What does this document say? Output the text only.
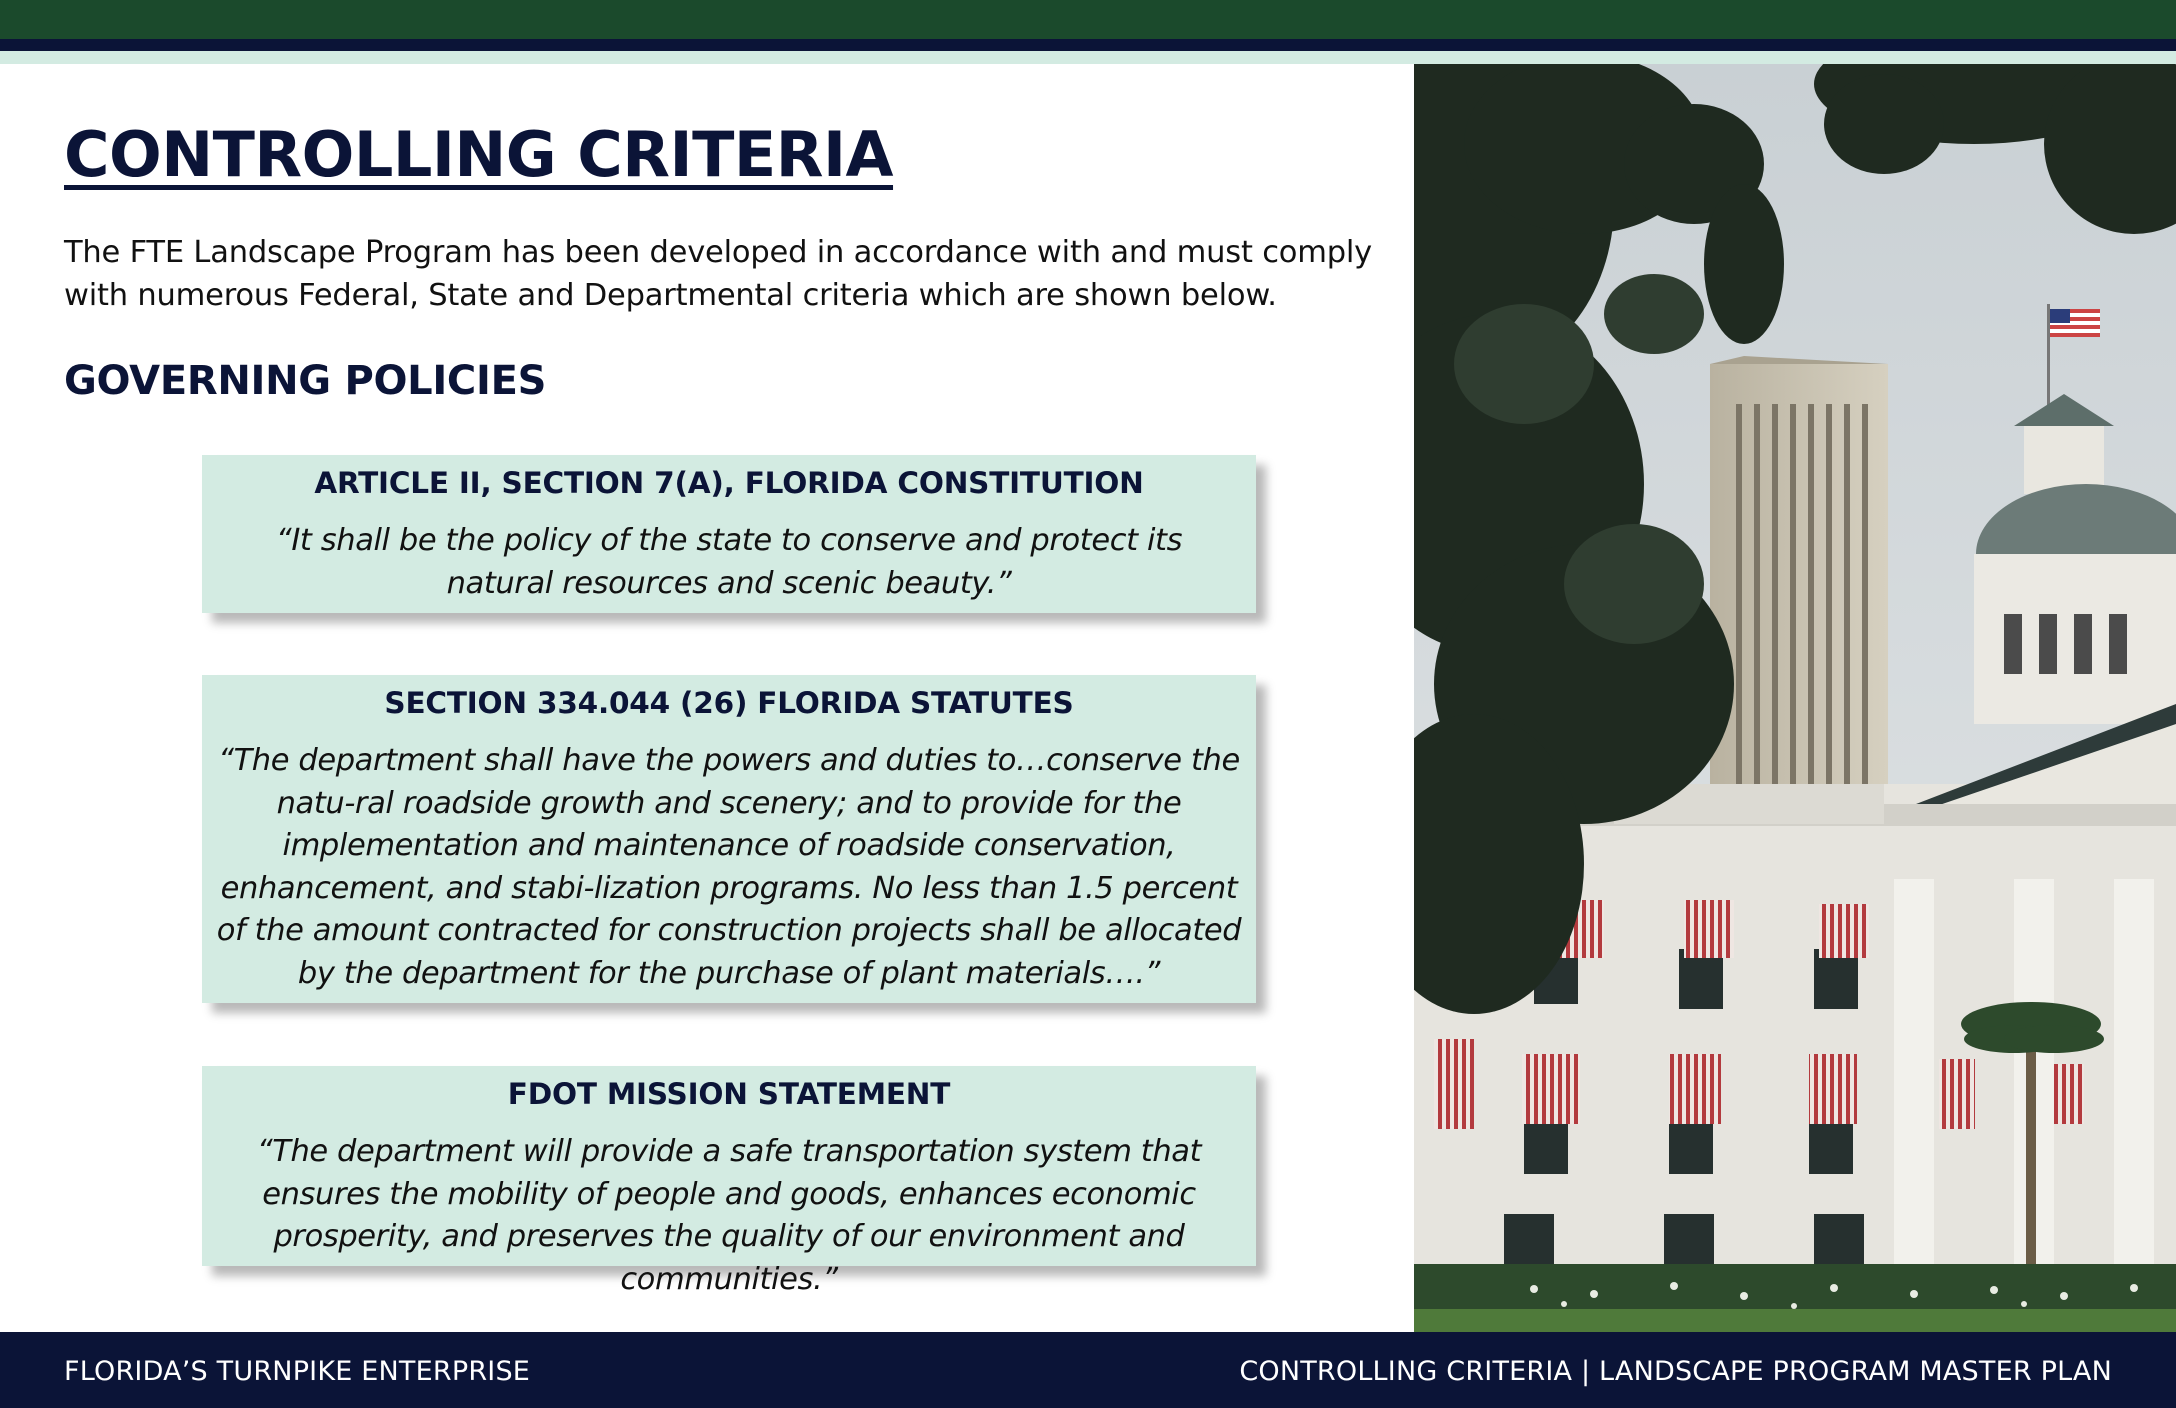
CONTROLLING CRITERIA

The FTE Landscape Program has been developed in accordance with and must comply with numerous Federal, State and Departmental criteria which are shown below.

GOVERNING POLICIES

ARTICLE II, SECTION 7(A), FLORIDA CONSTITUTION

“It shall be the policy of the state to conserve and protect its natural resources and scenic beauty.”

SECTION 334.044 (26) FLORIDA STATUTES

“The department shall have the powers and duties to…conserve the natu-ral roadside growth and scenery; and to provide for the implementation and maintenance of roadside conservation, enhancement, and stabi-lization programs. No less than 1.5 percent of the amount contracted for construction projects shall be allocated by the department for the purchase of plant materials….”

FDOT MISSION STATEMENT

“The department will provide a safe transportation system that ensures the mobility of people and goods, enhances economic prosperity, and preserves the quality of our environment and communities.”

FLORIDA’S TURNPIKE ENTERPRISE	CONTROLLING CRITERIA | LANDSCAPE PROGRAM MASTER PLAN
